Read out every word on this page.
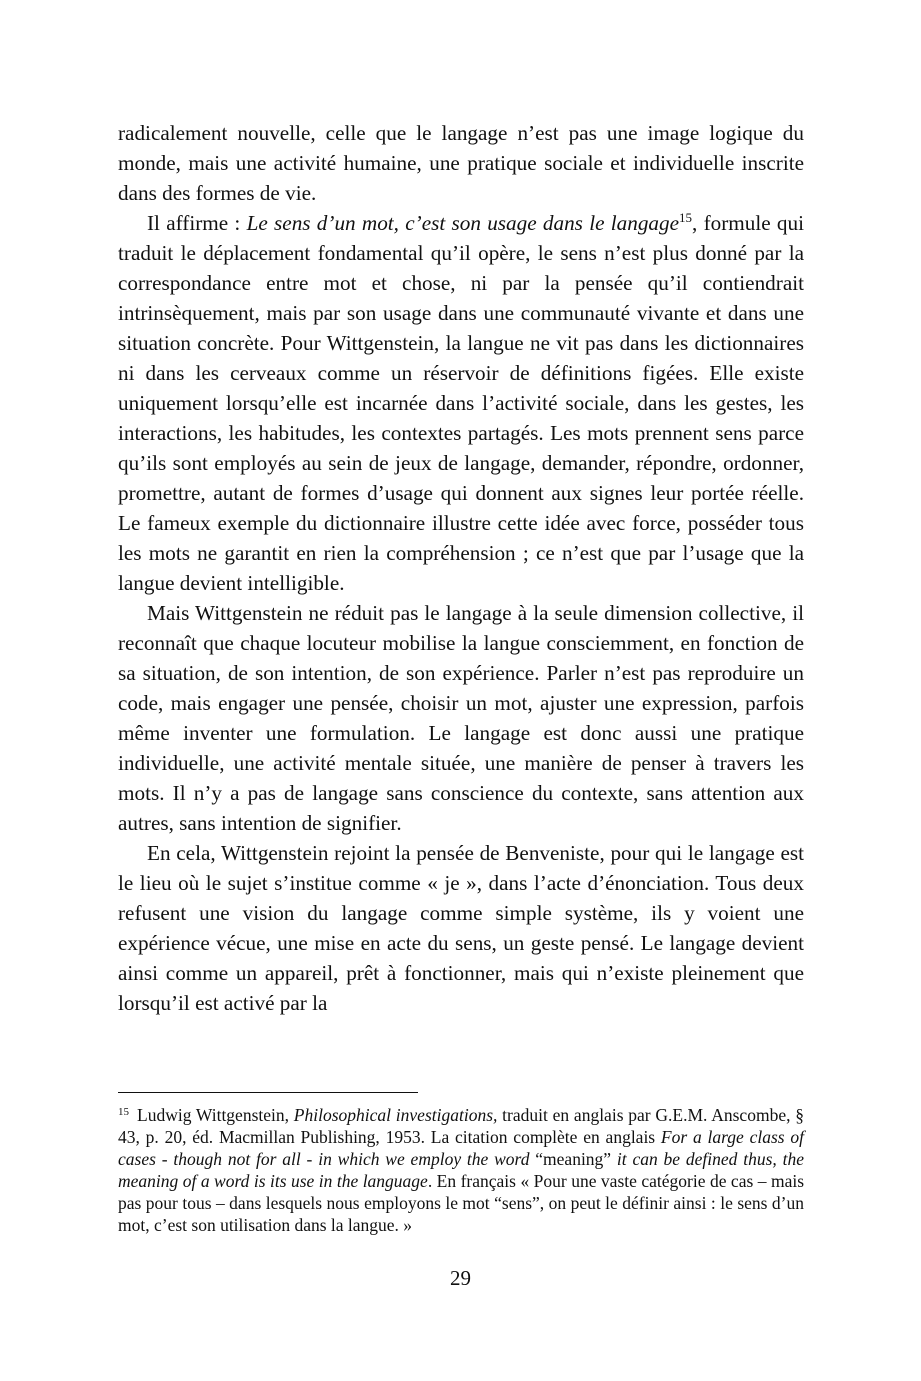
radicalement nouvelle, celle que le langage n’est pas une image logique du monde, mais une activité humaine, une pratique sociale et individuelle inscrite dans des formes de vie.

Il affirme : Le sens d’un mot, c’est son usage dans le langage$^{15}$, formule qui traduit le déplacement fondamental qu’il opère, le sens n’est plus donné par la correspondance entre mot et chose, ni par la pensée qu’il contiendrait intrinsèquement, mais par son usage dans une communauté vivante et dans une situation concrète. Pour Wittgenstein, la langue ne vit pas dans les dictionnaires ni dans les cerveaux comme un réservoir de définitions figées. Elle existe uniquement lorsqu’elle est incarnée dans l’activité sociale, dans les gestes, les interactions, les habitudes, les contextes partagés. Les mots prennent sens parce qu’ils sont employés au sein de jeux de langage, demander, répondre, ordonner, promettre, autant de formes d’usage qui donnent aux signes leur portée réelle. Le fameux exemple du dictionnaire illustre cette idée avec force, posséder tous les mots ne garantit en rien la compréhension ; ce n’est que par l’usage que la langue devient intelligible.

Mais Wittgenstein ne réduit pas le langage à la seule dimension collective, il reconnaît que chaque locuteur mobilise la langue consciemment, en fonction de sa situation, de son intention, de son expérience. Parler n’est pas reproduire un code, mais engager une pensée, choisir un mot, ajuster une expression, parfois même inventer une formulation. Le langage est donc aussi une pratique individuelle, une activité mentale située, une manière de penser à travers les mots. Il n’y a pas de langage sans conscience du contexte, sans attention aux autres, sans intention de signifier.

En cela, Wittgenstein rejoint la pensée de Benveniste, pour qui le langage est le lieu où le sujet s’institue comme « je », dans l’acte d’énonciation. Tous deux refusent une vision du langage comme simple système, ils y voient une expérience vécue, une mise en acte du sens, un geste pensé. Le langage devient ainsi comme un appareil, prêt à fonctionner, mais qui n’existe pleinement que lorsqu’il est activé par la

$^{15}$ Ludwig Wittgenstein, Philosophical investigations, traduit en anglais par G.E.M. Anscombe, § 43, p. 20, éd. Macmillan Publishing, 1953. La citation complète en anglais For a large class of cases - though not for all - in which we employ the word “meaning” it can be defined thus, the meaning of a word is its use in the language. En français « Pour une vaste catégorie de cas – mais pas pour tous – dans lesquels nous employons le mot “sens”, on peut le définir ainsi : le sens d’un mot, c’est son utilisation dans la langue. »

29
